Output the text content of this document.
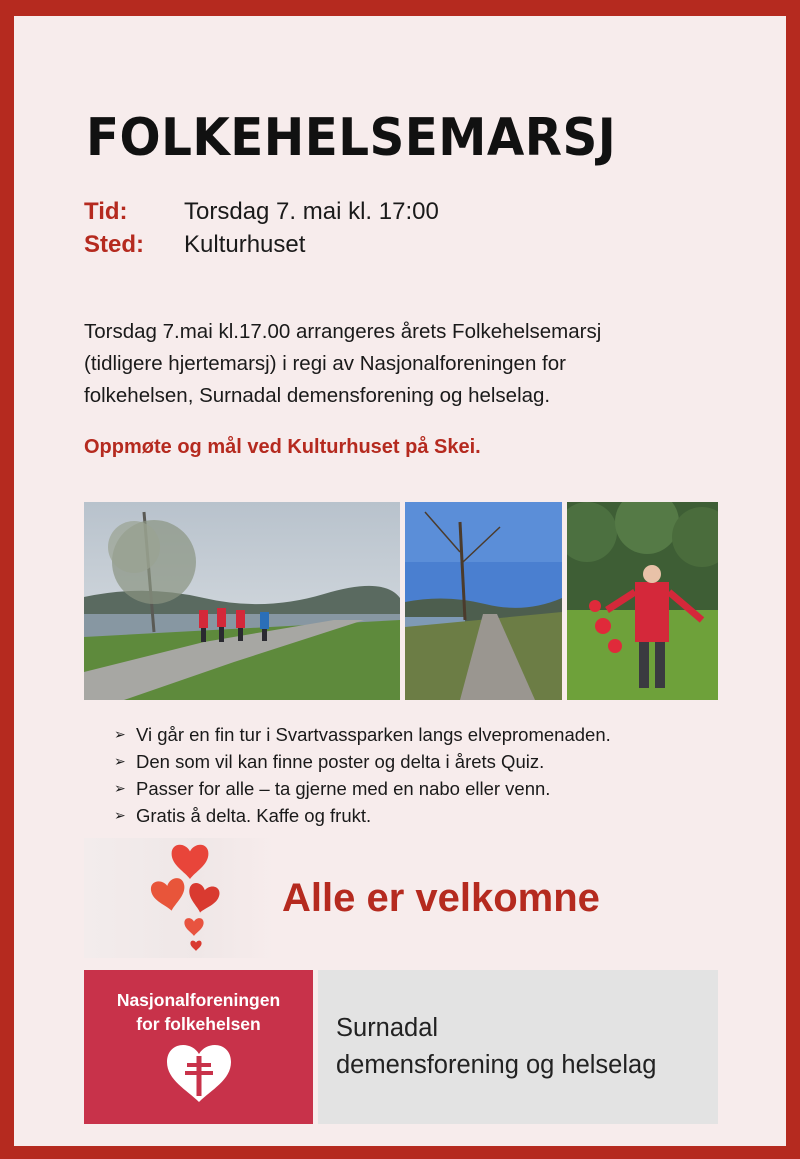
FOLKEHELSEMARSJ
Tid: Torsdag 7. mai kl. 17:00
Sted: Kulturhuset
Torsdag 7.mai kl.17.00 arrangeres årets Folkehelsemarsj
(tidligere hjertemarsj) i regi av Nasjonalforeningen for
folkehelsen, Surnadal demensforening og helselag.
Oppmøte og mål ved Kulturhuset på Skei.
➢ Vi går en fin tur i Svartvassparken langs elvepromenaden.
➢ Den som vil kan finne poster og delta i årets Quiz.
➢ Passer for alle – ta gjerne med en nabo eller venn.
➢ Gratis å delta. Kaffe og frukt.
Alle er velkomne
Nasjonalforeningen
for folkehelsen	Surnadal
demensforening og helselag
